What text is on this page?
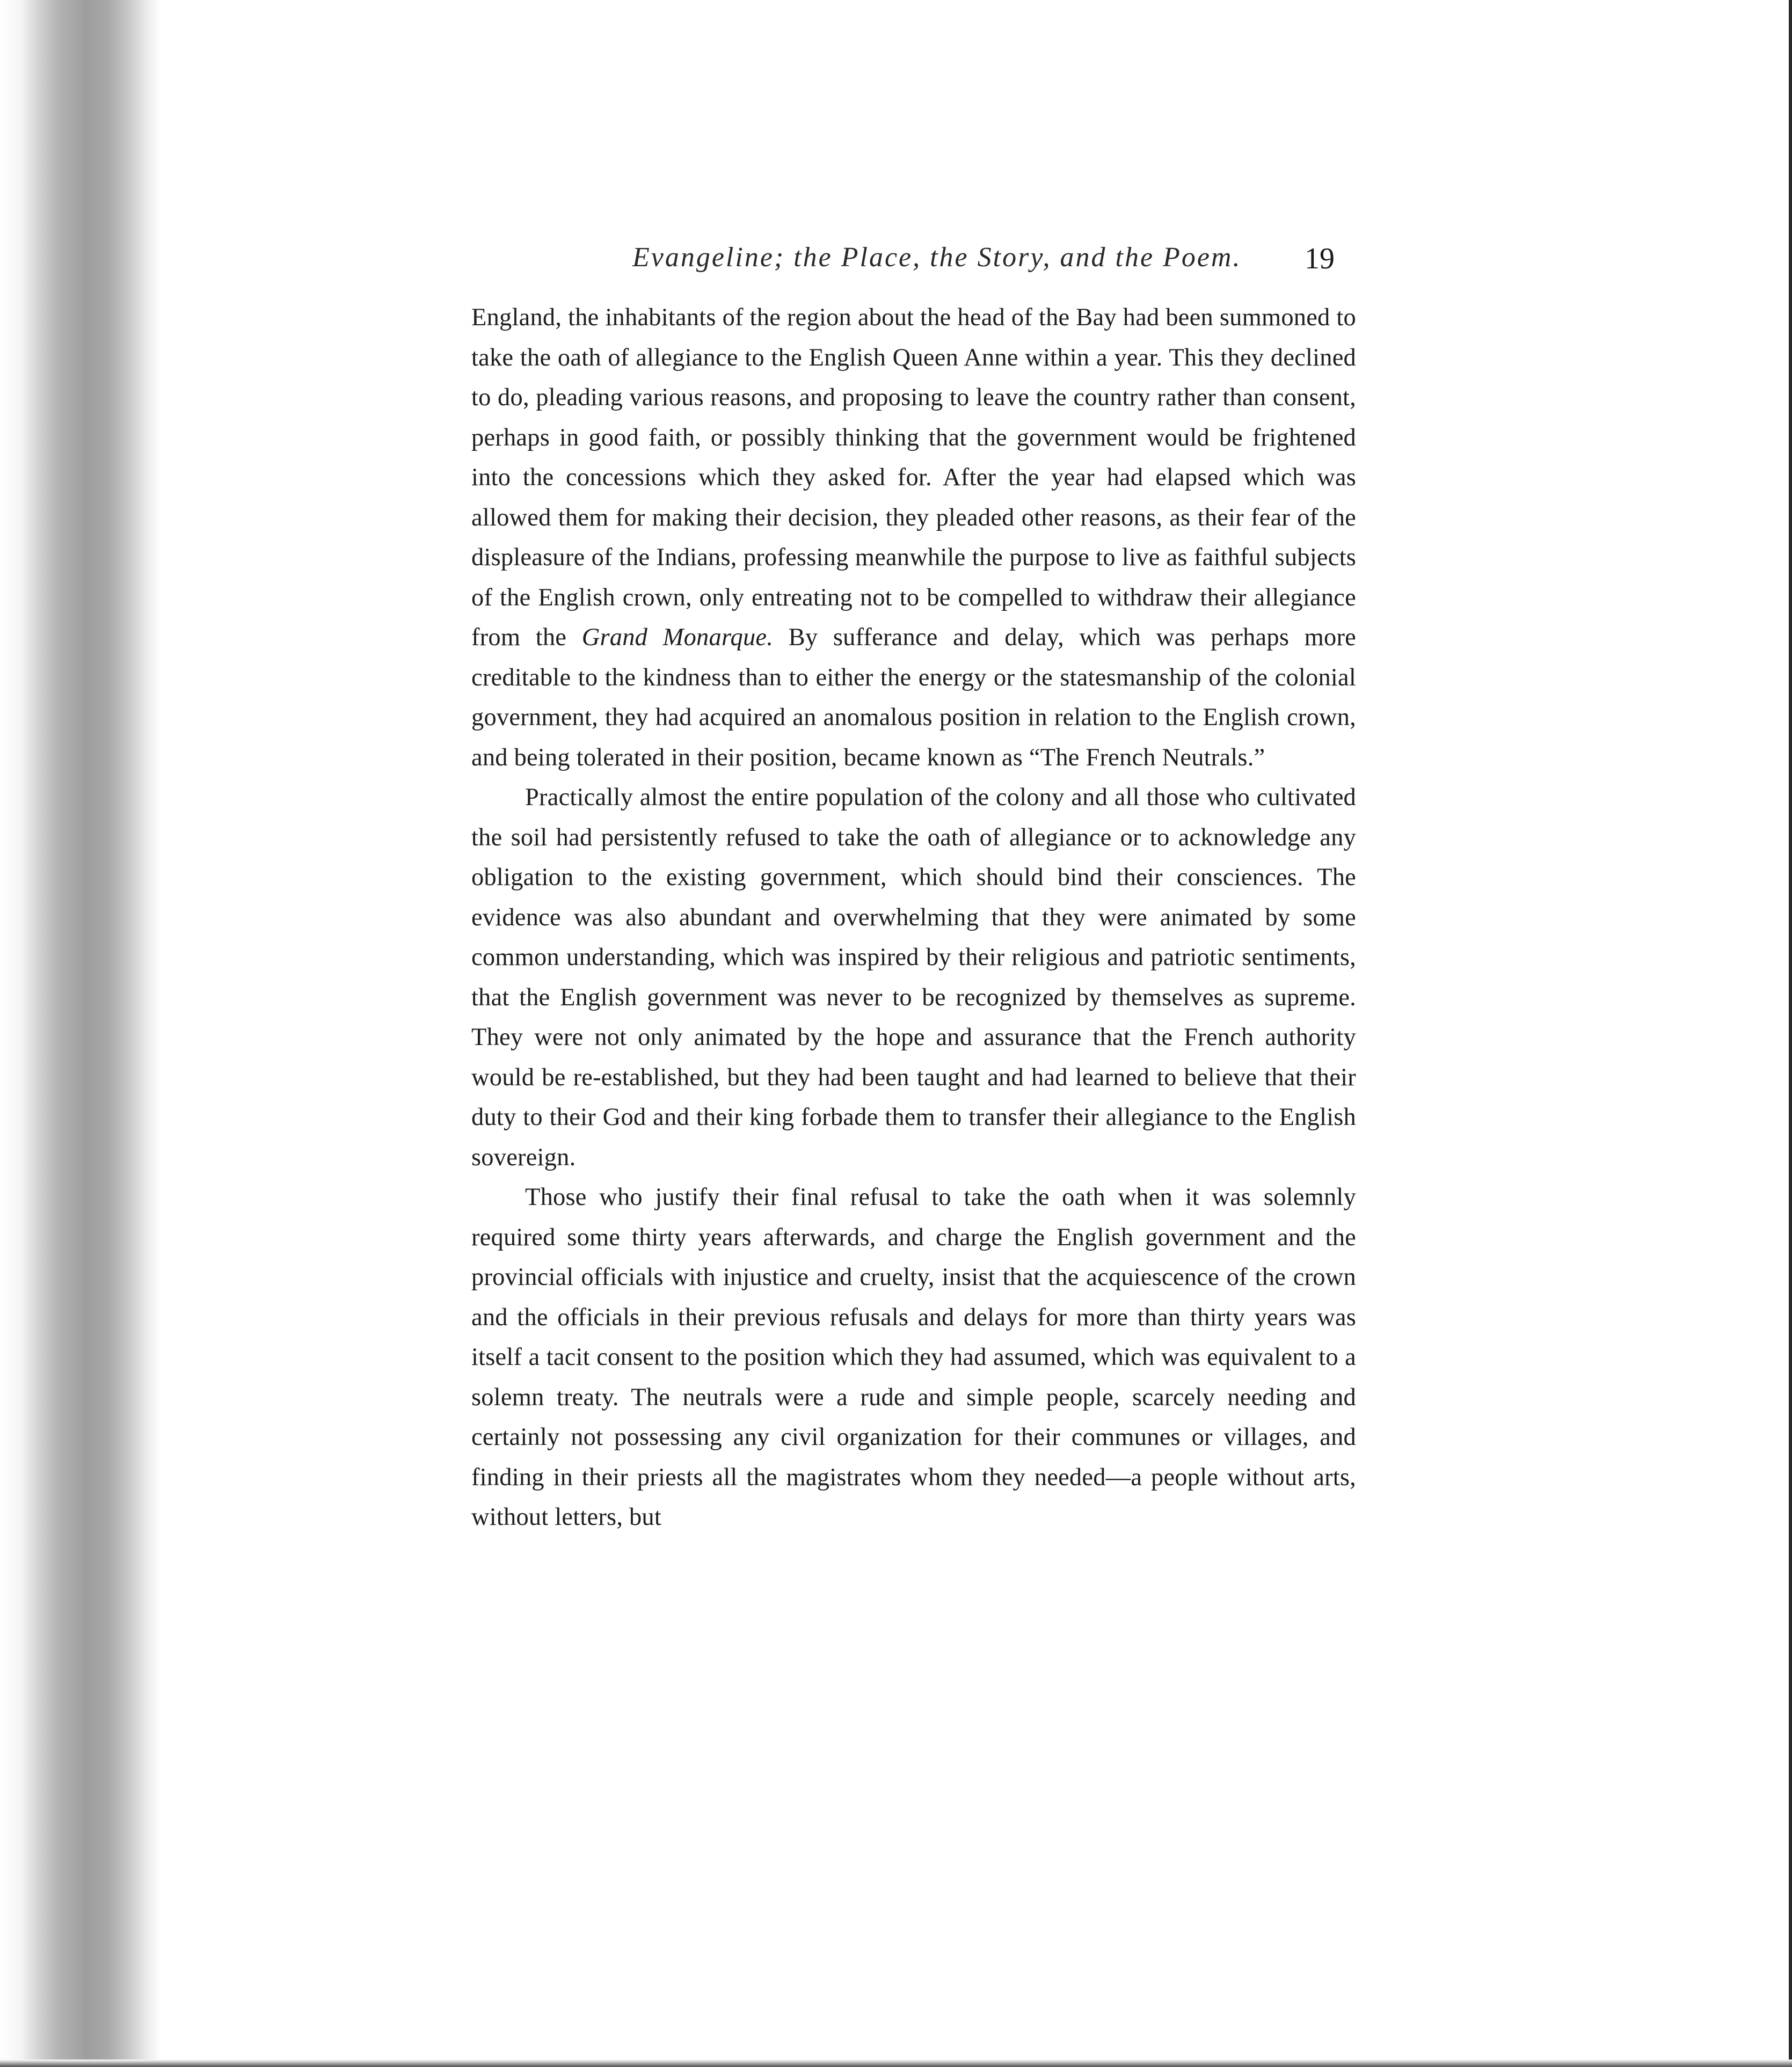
Evangeline; the Place, the Story, and the Poem. 19

England, the inhabitants of the region about the head of the Bay had been summoned to take the oath of allegiance to the English Queen Anne within a year. This they declined to do, pleading various reasons, and proposing to leave the country rather than consent, perhaps in good faith, or possibly thinking that the government would be frightened into the concessions which they asked for. After the year had elapsed which was allowed them for making their decision, they pleaded other reasons, as their fear of the displeasure of the Indians, professing meanwhile the purpose to live as faithful subjects of the English crown, only entreating not to be compelled to withdraw their allegiance from the Grand Monarque. By sufferance and delay, which was perhaps more creditable to the kindness than to either the energy or the statesmanship of the colonial government, they had acquired an anomalous position in relation to the English crown, and being tolerated in their position, became known as “The French Neutrals.”

Practically almost the entire population of the colony and all those who cultivated the soil had persistently refused to take the oath of allegiance or to acknowledge any obligation to the existing government, which should bind their consciences. The evidence was also abundant and overwhelming that they were animated by some common understanding, which was inspired by their religious and patriotic sentiments, that the English government was never to be recognized by themselves as supreme. They were not only animated by the hope and assurance that the French authority would be re-established, but they had been taught and had learned to believe that their duty to their God and their king forbade them to transfer their allegiance to the English sovereign.

Those who justify their final refusal to take the oath when it was solemnly required some thirty years afterwards, and charge the English government and the provincial officials with injustice and cruelty, insist that the acquiescence of the crown and the officials in their previous refusals and delays for more than thirty years was itself a tacit consent to the position which they had assumed, which was equivalent to a solemn treaty. The neutrals were a rude and simple people, scarcely needing and certainly not possessing any civil organization for their communes or villages, and finding in their priests all the magistrates whom they needed—a people without arts, without letters, but
